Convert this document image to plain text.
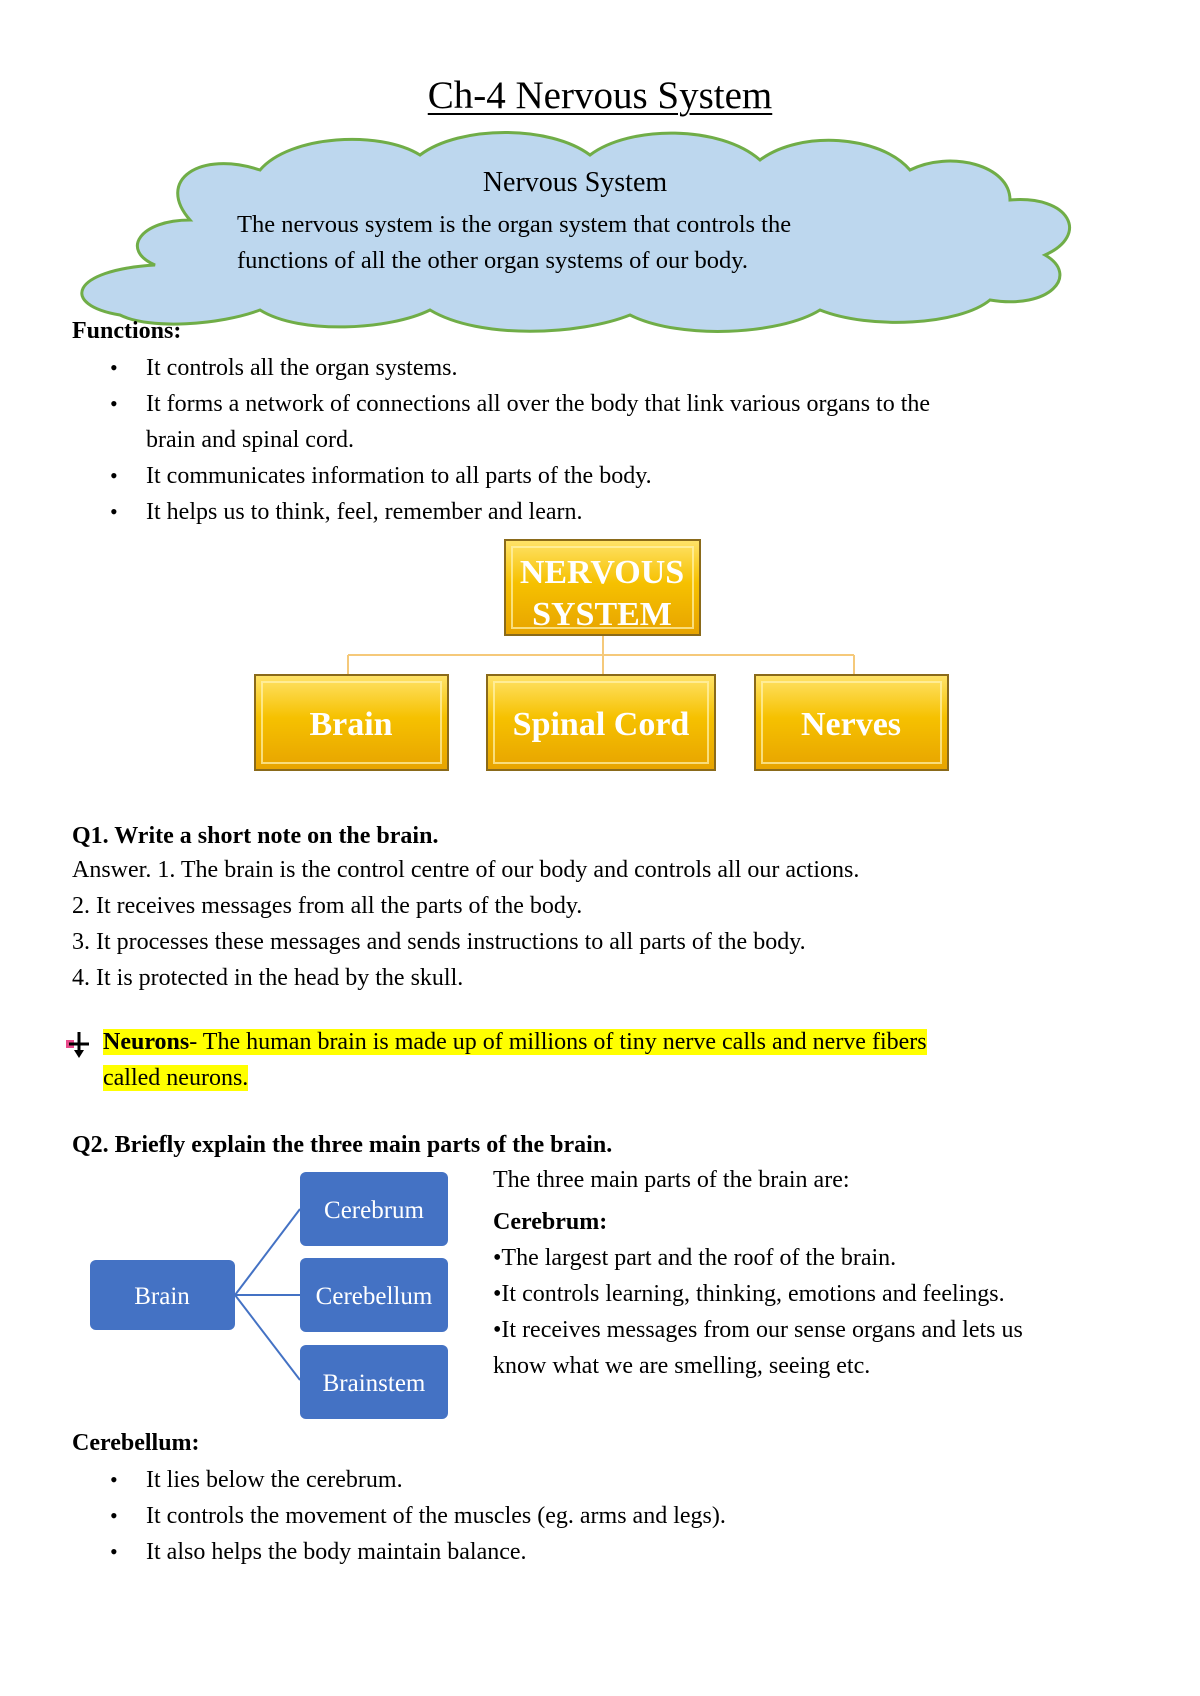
Ch-4 Nervous System
Nervous System
The nervous system is the organ system that controls the
functions of all the other organ systems of our body.
Functions:
• It controls all the organ systems.
• It forms a network of connections all over the body that link various organs to the
brain and spinal cord.
• It communicates information to all parts of the body.
• It helps us to think, feel, remember and learn.
NERVOUS
SYSTEM
Brain	Spinal Cord	Nerves
Q1. Write a short note on the brain.
Answer. 1. The brain is the control centre of our body and controls all our actions.
2. It receives messages from all the parts of the body.
3. It processes these messages and sends instructions to all parts of the body.
4. It is protected in the head by the skull.
Neurons- The human brain is made up of millions of tiny nerve calls and nerve fibers
called neurons.
Q2. Briefly explain the three main parts of the brain.
Brain
Cerebrum
Cerebellum
Brainstem
The three main parts of the brain are:
Cerebrum:
•The largest part and the roof of the brain.
•It controls learning, thinking, emotions and feelings.
•It receives messages from our sense organs and lets us
know what we are smelling, seeing etc.
Cerebellum:
• It lies below the cerebrum.
• It controls the movement of the muscles (eg. arms and legs).
• It also helps the body maintain balance.
